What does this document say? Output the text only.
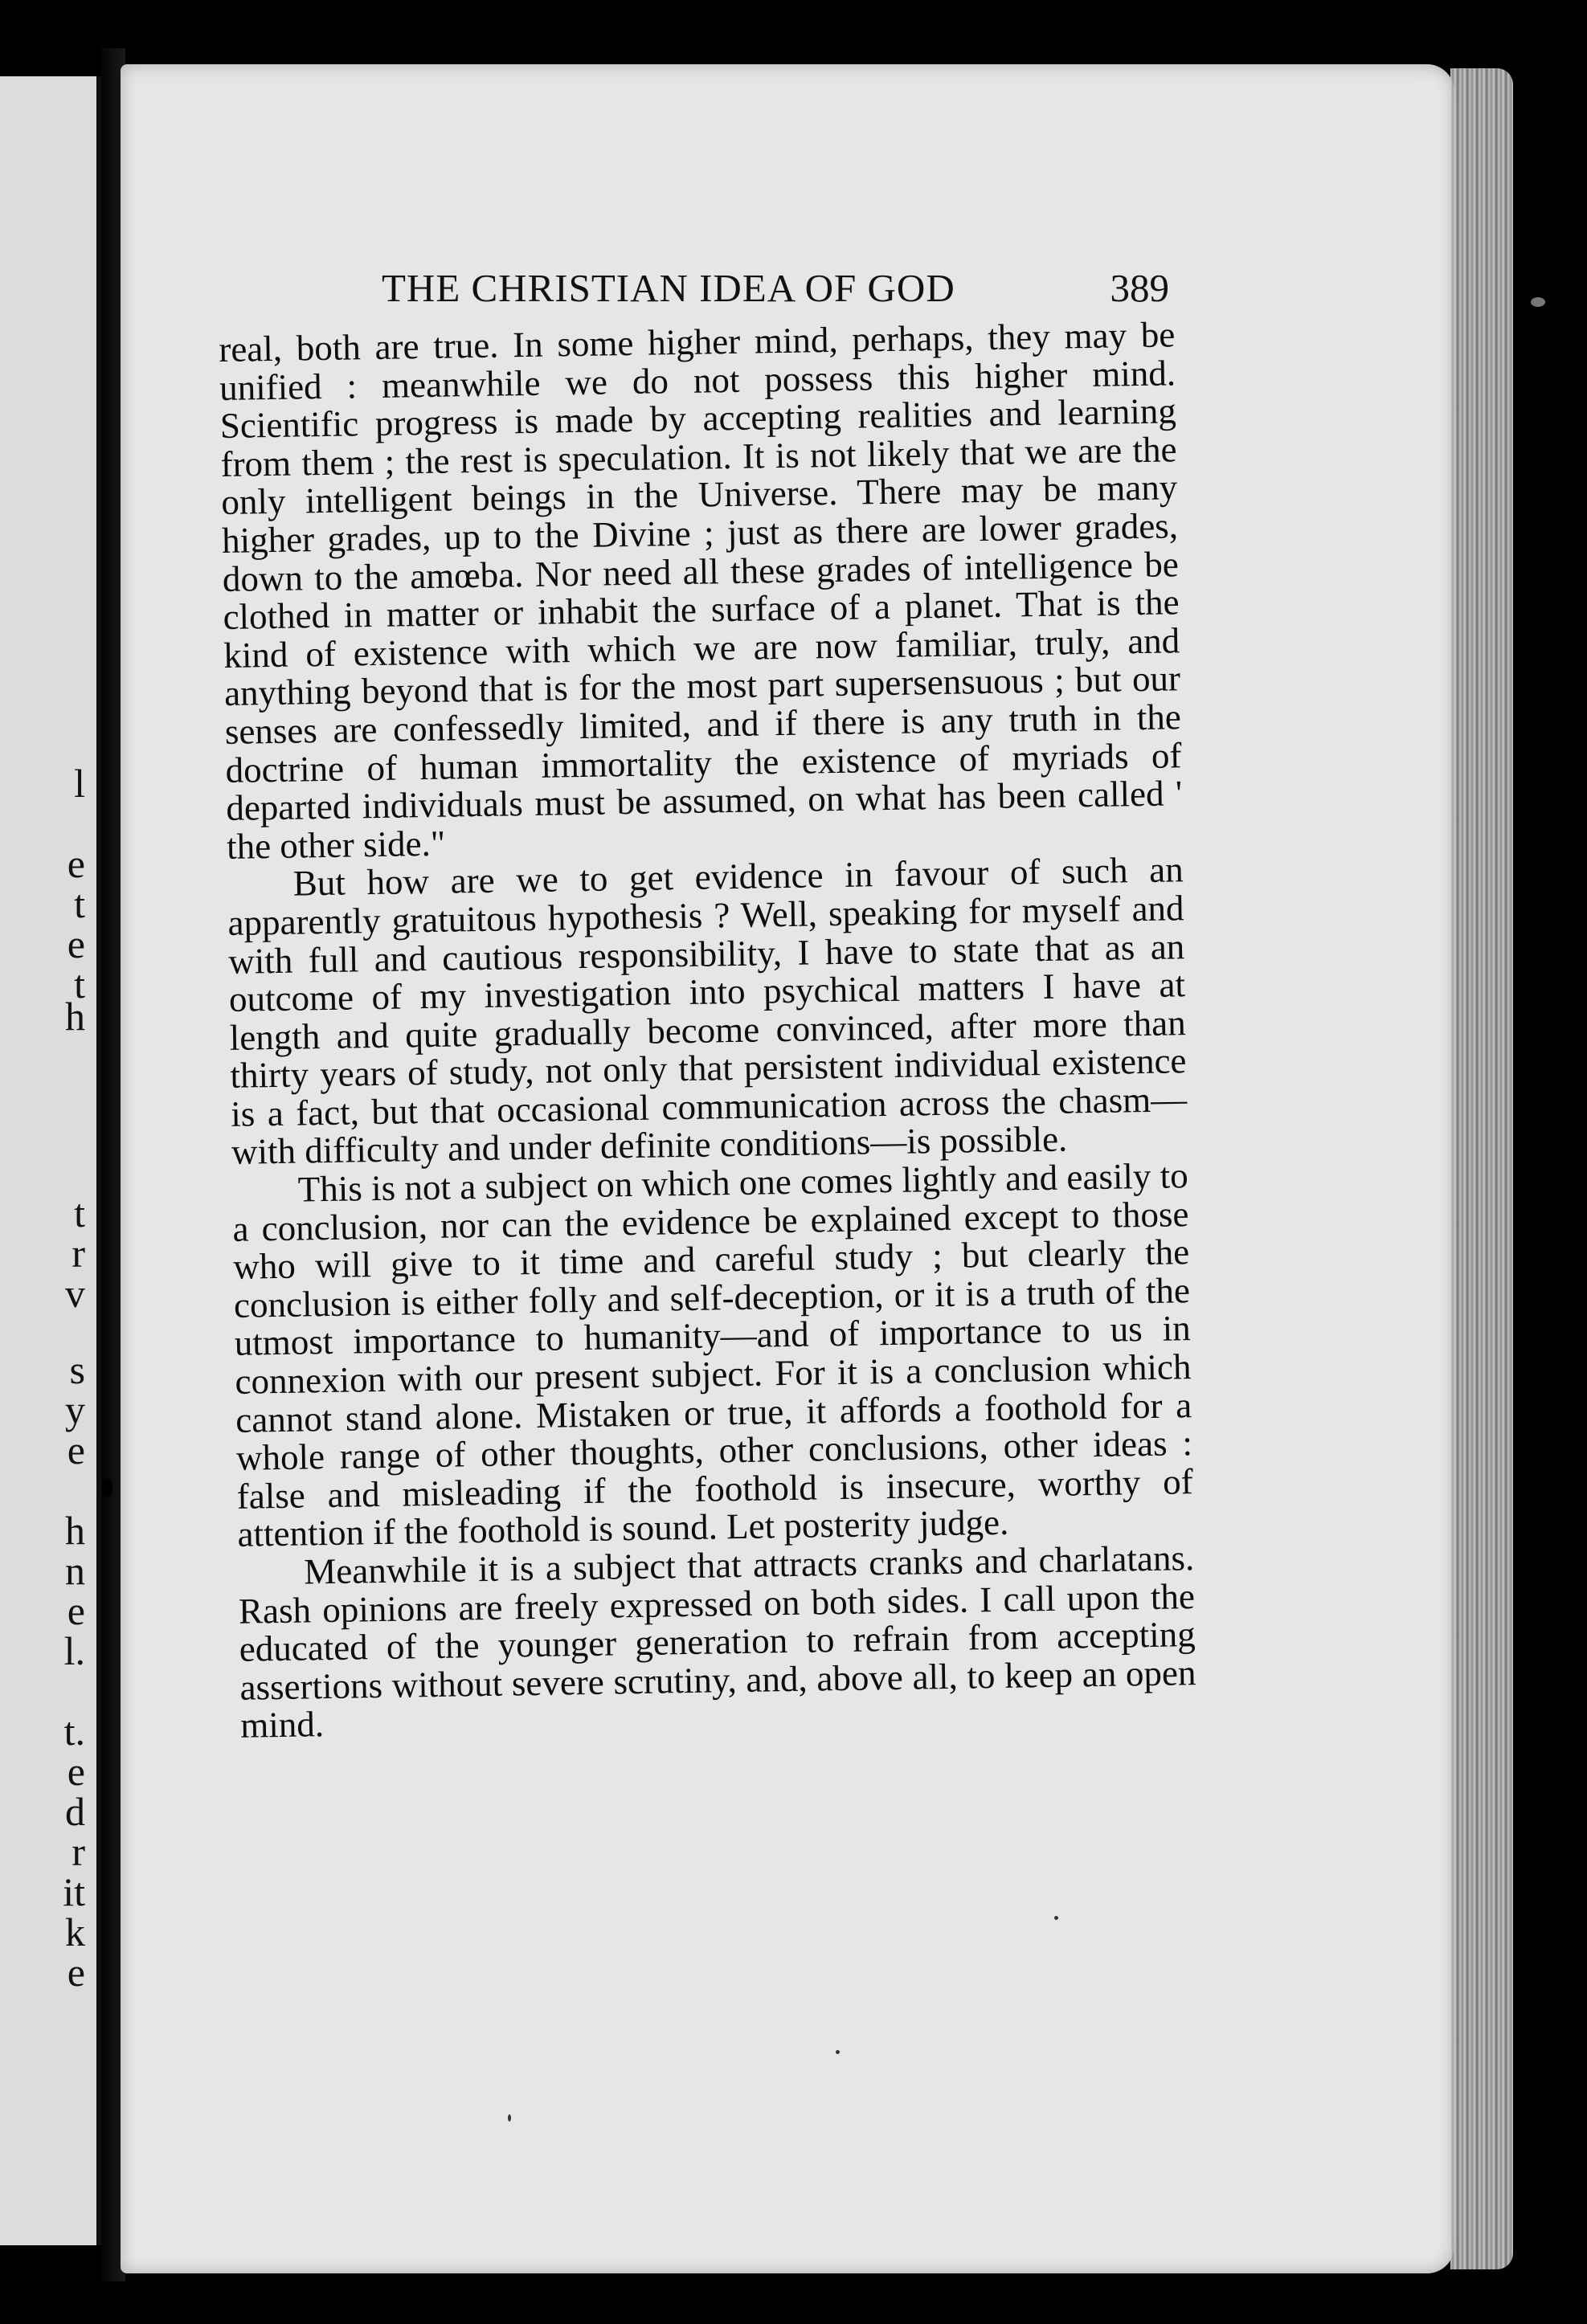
l
e
t
e
t
h
t
r
v
s
y
e
h
n
e
l.
t.
e
d
r
it
k
e
THE CHRISTIAN IDEA OF GOD	389

real, both are true. In some higher mind, perhaps, they may be unified : meanwhile we do not possess this higher mind. Scientific progress is made by accepting realities and learning from them ; the rest is speculation. It is not likely that we are the only intelligent beings in the Universe. There may be many higher grades, up to the Divine ; just as there are lower grades, down to the amœba. Nor need all these grades of intelligence be clothed in matter or inhabit the surface of a planet. That is the kind of existence with which we are now familiar, truly, and anything beyond that is for the most part supersensuous ; but our senses are confessedly limited, and if there is any truth in the doctrine of human immortality the existence of myriads of departed individuals must be assumed, on what has been called ' the other side."

But how are we to get evidence in favour of such an apparently gratuitous hypothesis ? Well, speaking for myself and with full and cautious responsibility, I have to state that as an outcome of my investigation into psychical matters I have at length and quite gradually become convinced, after more than thirty years of study, not only that persistent individual existence is a fact, but that occasional communication across the chasm—with difficulty and under definite conditions—is possible.

This is not a subject on which one comes lightly and easily to a conclusion, nor can the evidence be explained except to those who will give to it time and careful study ; but clearly the conclusion is either folly and self-deception, or it is a truth of the utmost importance to humanity—and of importance to us in connexion with our present subject. For it is a conclusion which cannot stand alone. Mistaken or true, it affords a foothold for a whole range of other thoughts, other conclusions, other ideas : false and misleading if the foothold is insecure, worthy of attention if the foothold is sound. Let posterity judge.

Meanwhile it is a subject that attracts cranks and charlatans. Rash opinions are freely expressed on both sides. I call upon the educated of the younger generation to refrain from accepting assertions without severe scrutiny, and, above all, to keep an open mind.
